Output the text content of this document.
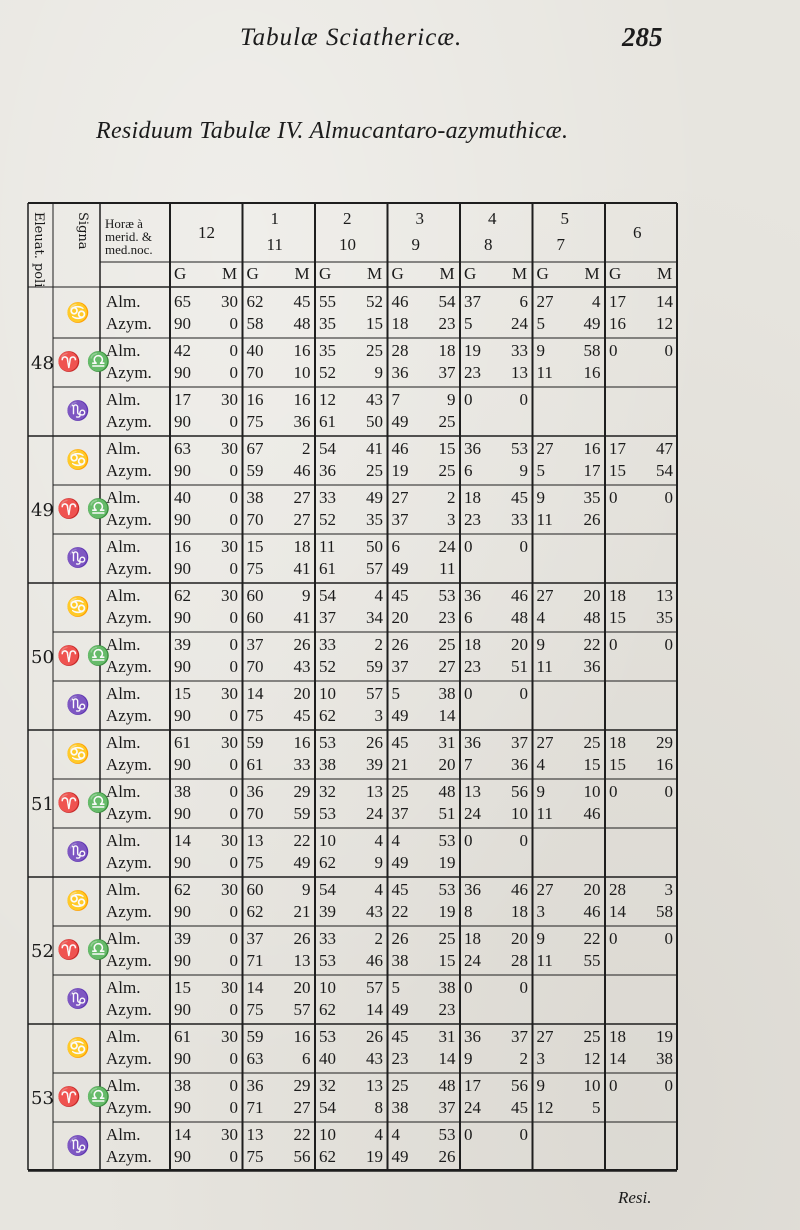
Tabulæ Sciathericæ.	285
Residuum Tabulæ IV. Almucantaro-azymuthicæ.
Resi.
Eleuat. poli Signa Horæ à merid. & med.noc.
12
G M
1
11
G M
2
10
G M
3
9
G M
4
8
G M
5
7
G M
6
G M
48
♋
Alm.
Azym.
65	30 62	45 55	52 46	54 37	6 27	4 17	14
90	0 58	48 35	15 18	23 5	24 5	49 16	12
♈ ♎
Alm.
Azym.
42	0 40	16 35	25 28	18 19	33 9	58 0	0
90	0 70	10 52	9 36	37 23	13 11	16
♑
Alm.
Azym.
17	30 16	16 12	43 7	9 0	0
90	0 75	36 61	50 49	25
49
♋
Alm.
Azym.
63	30 67	2 54	41 46	15 36	53 27	16 17	47
90	0 59	46 36	25 19	25 6	9 5	17 15	54
♈ ♎
Alm.
Azym.
40	0 38	27 33	49 27	2 18	45 9	35 0	0
90	0 70	27 52	35 37	3 23	33 11	26
♑
Alm.
Azym.
16	30 15	18 11	50 6	24 0	0
90	0 75	41 61	57 49	11
50
♋
Alm.
Azym.
62	30 60	9 54	4 45	53 36	46 27	20 18	13
90	0 60	41 37	34 20	23 6	48 4	48 15	35
♈ ♎
Alm.
Azym.
39	0 37	26 33	2 26	25 18	20 9	22 0	0
90	0 70	43 52	59 37	27 23	51 11	36
♑
Alm.
Azym.
15	30 14	20 10	57 5	38 0	0
90	0 75	45 62	3 49	14
51
♋
Alm.
Azym.
61	30 59	16 53	26 45	31 36	37 27	25 18	29
90	0 61	33 38	39 21	20 7	36 4	15 15	16
♈ ♎
Alm.
Azym.
38	0 36	29 32	13 25	48 13	56 9	10 0	0
90	0 70	59 53	24 37	51 24	10 11	46
♑
Alm.
Azym.
14	30 13	22 10	4 4	53 0	0
90	0 75	49 62	9 49	19
52
♋
Alm.
Azym.
62	30 60	9 54	4 45	53 36	46 27	20 28	3
90	0 62	21 39	43 22	19 8	18 3	46 14	58
♈ ♎
Alm.
Azym.
39	0 37	26 33	2 26	25 18	20 9	22 0	0
90	0 71	13 53	46 38	15 24	28 11	55
♑
Alm.
Azym.
15	30 14	20 10	57 5	38 0	0
90	0 75	57 62	14 49	23
53
♋
Alm.
Azym.
61	30 59	16 53	26 45	31 36	37 27	25 18	19
90	0 63	6 40	43 23	14 9	2 3	12 14	38
♈ ♎
Alm.
Azym.
38	0 36	29 32	13 25	48 17	56 9	10 0	0
90	0 71	27 54	8 38	37 24	45 12	5
♑
Alm.
Azym.
14	30 13	22 10	4 4	53 0	0
90	0 75	56 62	19 49	26
